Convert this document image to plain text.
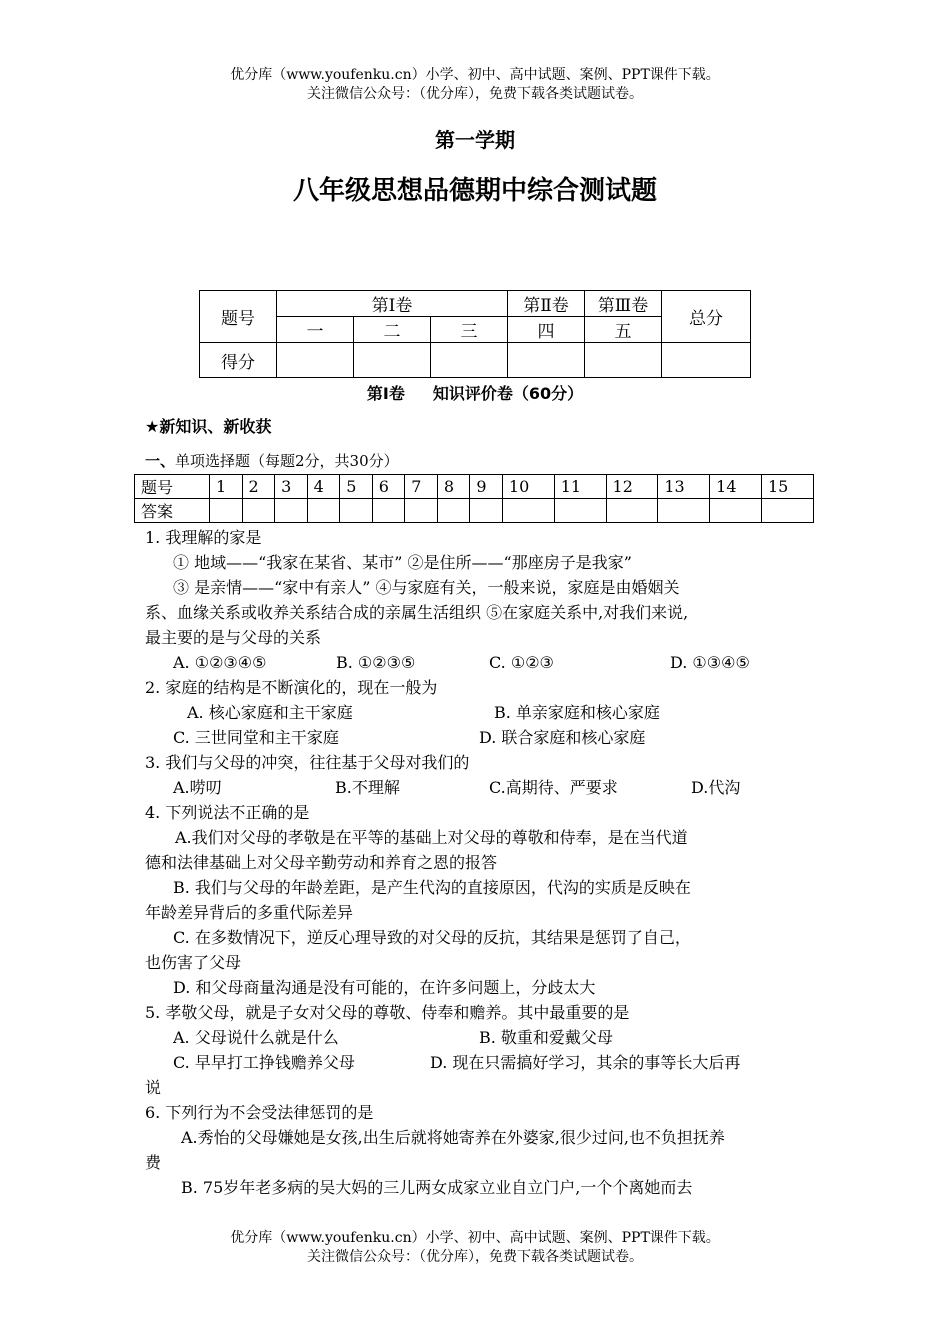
优分库（www.youfenku.cn）小学、初中、高中试题、案例、PPT课件下载。
关注微信公众号：（优分库），免费下载各类试题试卷。
第一学期
八年级思想品德期中综合测试题
题号	第Ⅰ卷			第Ⅱ卷	第Ⅲ卷	总分
	一	二	三	四	五	
得分						
第Ⅰ卷 知识评价卷（60分）
★新知识、新收获
一、单项选择题（每题2分，共30分）
题号	1	2	3	4	5	6	7	8	9	10	11	12	13	14	15
答案															
1. 我理解的家是
① 地域——“我家在某省、某市” ②是住所——“那座房子是我家”
③ 是亲情——“家中有亲人” ④与家庭有关，一般来说，家庭是由婚姻关
系、血缘关系或收养关系结合成的亲属生活组织 ⑤在家庭关系中,对我们来说,
最主要的是与父母的关系
A. ①②③④⑤	B. ①②③⑤	C. ①②③	D. ①③④⑤
2. 家庭的结构是不断演化的，现在一般为
A. 核心家庭和主干家庭	B. 单亲家庭和核心家庭
C. 三世同堂和主干家庭	D. 联合家庭和核心家庭
3. 我们与父母的冲突，往往基于父母对我们的
A.唠叨	B.不理解	C.高期待、严要求	D.代沟
4. 下列说法不正确的是
A.我们对父母的孝敬是在平等的基础上对父母的尊敬和侍奉，是在当代道
德和法律基础上对父母辛勤劳动和养育之恩的报答
B. 我们与父母的年龄差距，是产生代沟的直接原因，代沟的实质是反映在
年龄差异背后的多重代际差异
C. 在多数情况下，逆反心理导致的对父母的反抗，其结果是惩罚了自己，
也伤害了父母
D. 和父母商量沟通是没有可能的，在许多问题上，分歧太大
5. 孝敬父母，就是子女对父母的尊敬、侍奉和赡养。其中最重要的是
A. 父母说什么就是什么	B. 敬重和爱戴父母
C. 早早打工挣钱赡养父母	D. 现在只需搞好学习，其余的事等长大后再
说
6. 下列行为不会受法律惩罚的是
A.秀怡的父母嫌她是女孩,出生后就将她寄养在外婆家,很少过问,也不负担抚养
费
B. 75岁年老多病的吴大妈的三儿两女成家立业自立门户,一个个离她而去
优分库（www.youfenku.cn）小学、初中、高中试题、案例、PPT课件下载。
关注微信公众号：（优分库），免费下载各类试题试卷。
